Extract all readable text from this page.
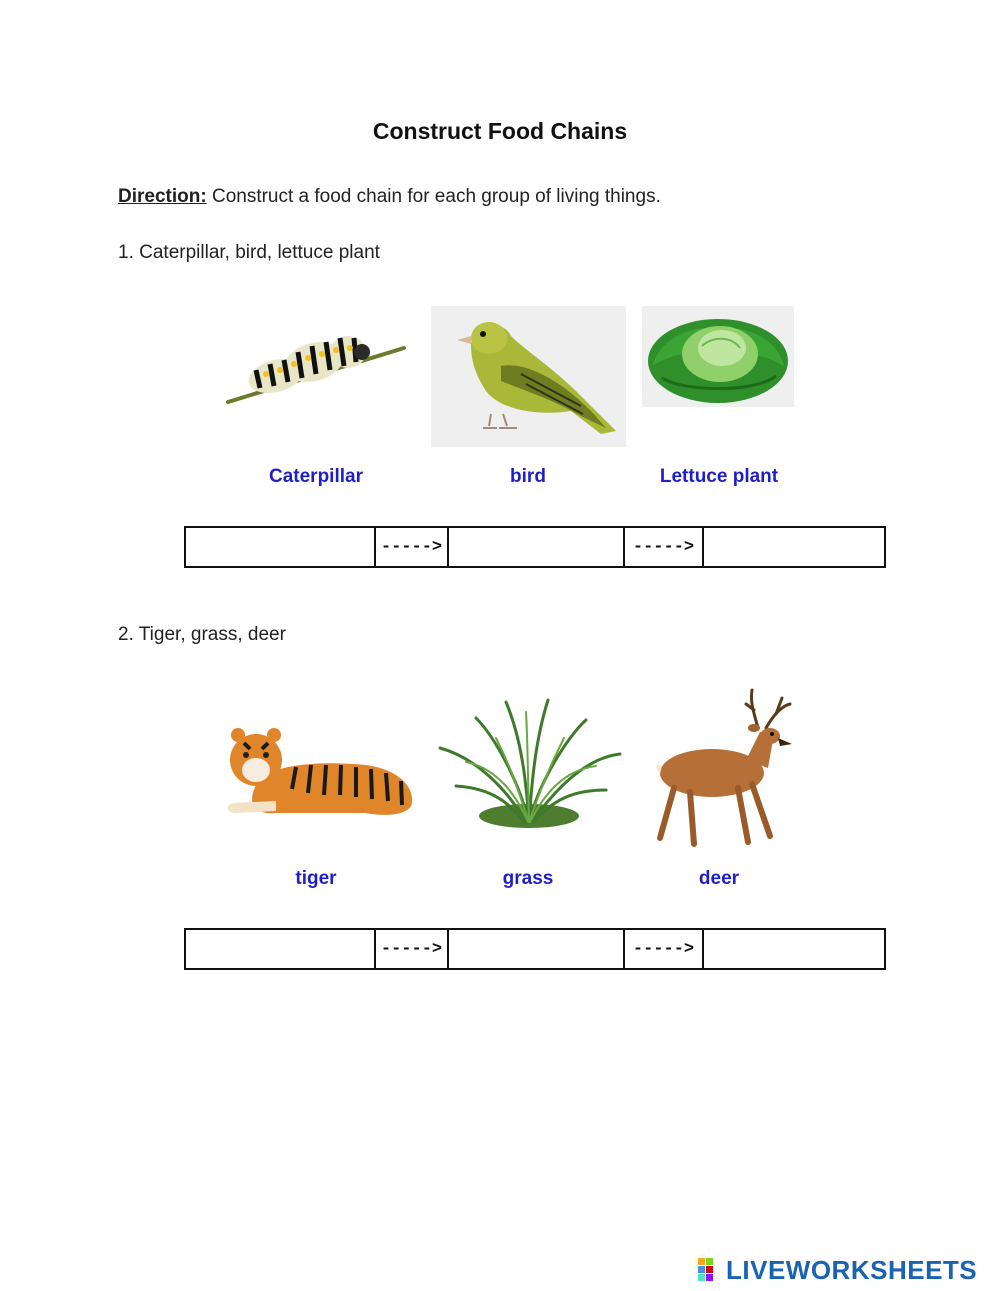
Construct Food Chains
Direction: Construct a food chain for each group of living things.
1. Caterpillar, bird, lettuce plant
Caterpillar	bird	Lettuce plant
----->	----->
2. Tiger, grass, deer
tiger	grass	deer
----->	----->
LIVEWORKSHEETS
